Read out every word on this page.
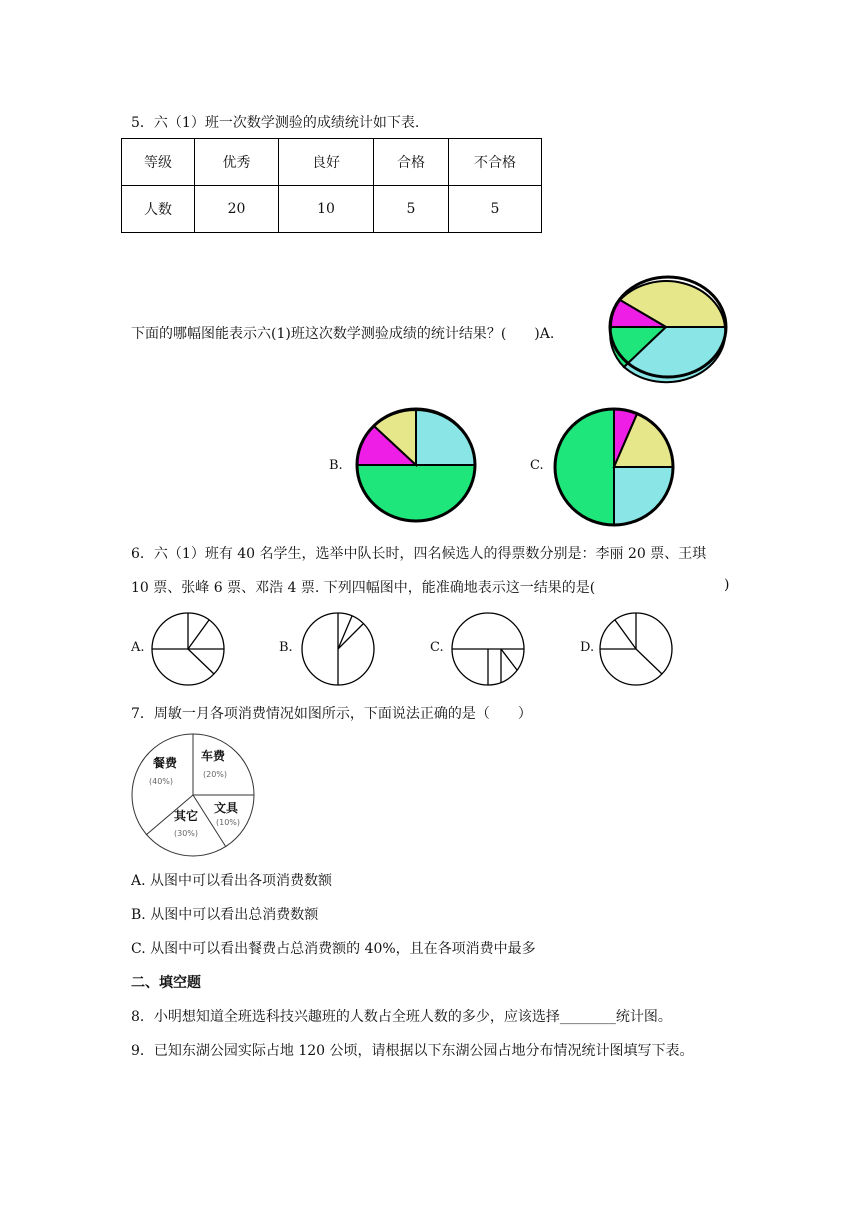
5．六（1）班一次数学测验的成绩统计如下表.
等级	优秀	良好	合格	不合格
人数	20	10	5	5
下面的哪幅图能表示六(1)班这次数学测验成绩的统计结果？(　　)A.
B.	C.
6．六（1）班有 40 名学生，选举中队长时，四名候选人的得票数分别是：李丽 20 票、王琪
10 票、张峰 6 票、邓浩 4 票. 下列四幅图中，能准确地表示这一结果的是(	)
A.	B.	C.	D.
7．周敏一月各项消费情况如图所示，下面说法正确的是（　　）
餐费
(40%)
车费
(20%)
文具
(10%)
其它
(30%)
A. 从图中可以看出各项消费数额
B. 从图中可以看出总消费数额
C. 从图中可以看出餐费占总消费额的 40%，且在各项消费中最多
二、填空题
8．小明想知道全班选科技兴趣班的人数占全班人数的多少，应该选择________统计图。
9．已知东湖公园实际占地 120 公顷，请根据以下东湖公园占地分布情况统计图填写下表。
